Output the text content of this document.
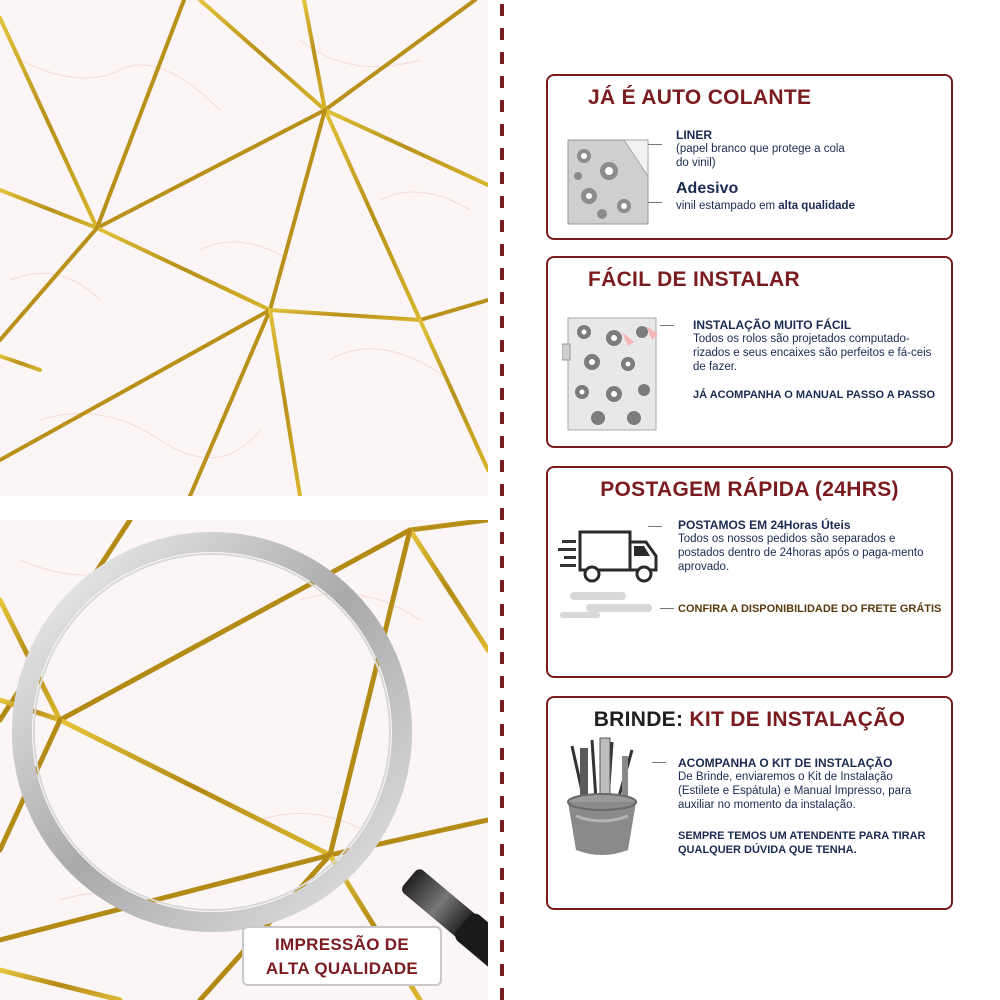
IMPRESSÃO DE
ALTA QUALIDADE
JÁ É AUTO COLANTE
LINER
(papel branco que protege a cola do vinil)
Adesivo
vinil estampado em alta qualidade
FÁCIL DE INSTALAR
INSTALAÇÃO MUITO FÁCIL
Todos os rolos são projetados computado-rizados e seus encaixes são perfeitos e fá-ceis de fazer.
JÁ ACOMPANHA O MANUAL PASSO A PASSO
POSTAGEM RÁPIDA (24HRS)
POSTAMOS EM 24Horas Úteis
Todos os nossos pedidos são separados e postados dentro de 24horas após o paga-mento aprovado.
CONFIRA A DISPONIBILIDADE DO FRETE GRÁTIS
BRINDE: KIT DE INSTALAÇÃO
ACOMPANHA O KIT DE INSTALAÇÃO
De Brinde, enviaremos o Kit de Instalação (Estilete e Espátula) e Manual Impresso, para auxiliar no momento da instalação.
SEMPRE TEMOS UM ATENDENTE PARA TIRAR QUALQUER DÚVIDA QUE TENHA.
